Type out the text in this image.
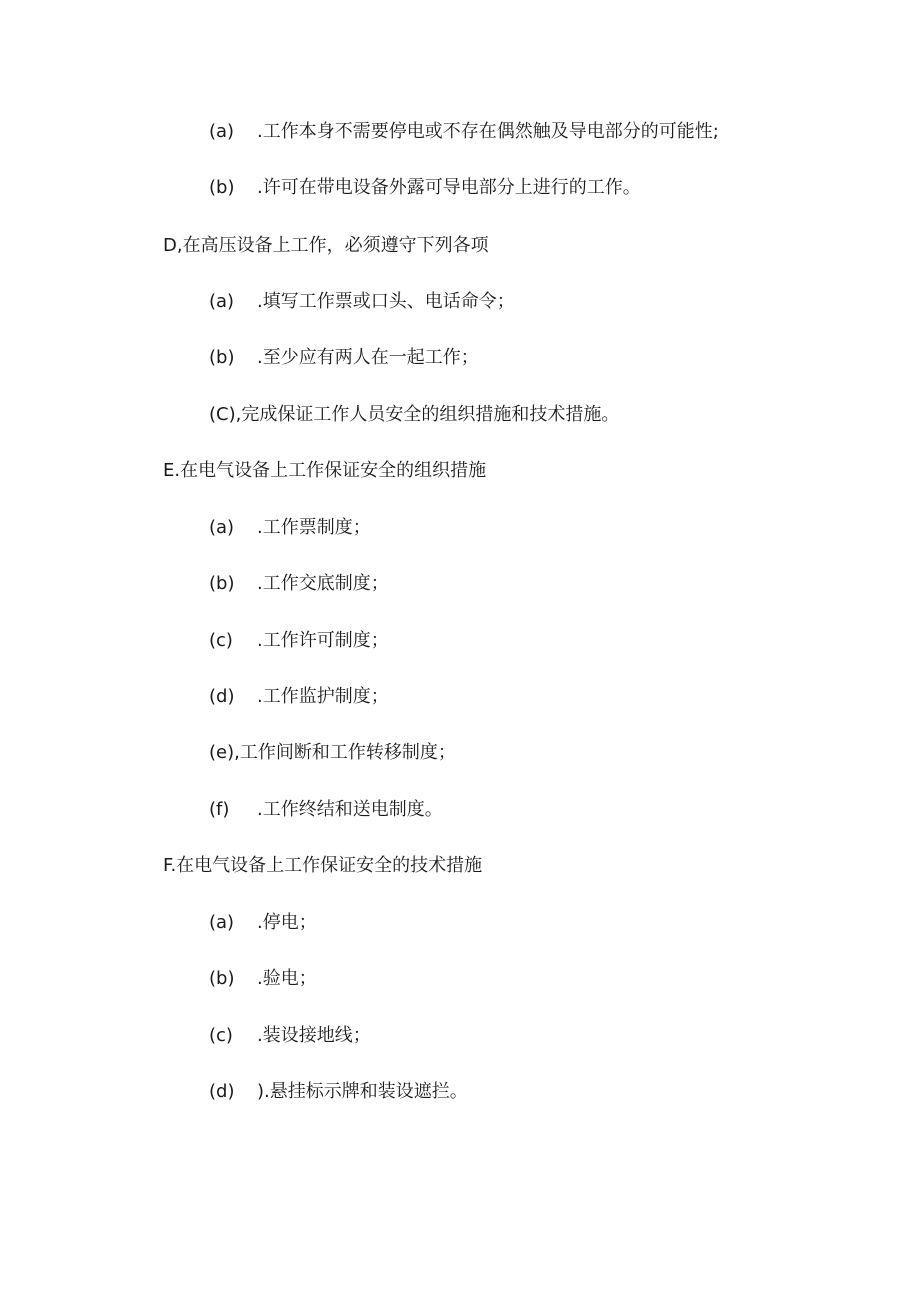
(a) .工作本身不需要停电或不存在偶然触及导电部分的可能性;
(b) .许可在带电设备外露可导电部分上进行的工作。
D,在高压设备上工作，必须遵守下列各项
(a) .填写工作票或口头、电话命令；
(b) .至少应有两人在一起工作；
(C),完成保证工作人员安全的组织措施和技术措施。
E.在电气设备上工作保证安全的组织措施
(a) .工作票制度；
(b) .工作交底制度；
(c) .工作许可制度；
(d) .工作监护制度；
(e),工作间断和工作转移制度；
(f) .工作终结和送电制度。
F.在电气设备上工作保证安全的技术措施
(a) .停电；
(b) .验电；
(c) .装设接地线；
(d) ).悬挂标示牌和装设遮拦。
